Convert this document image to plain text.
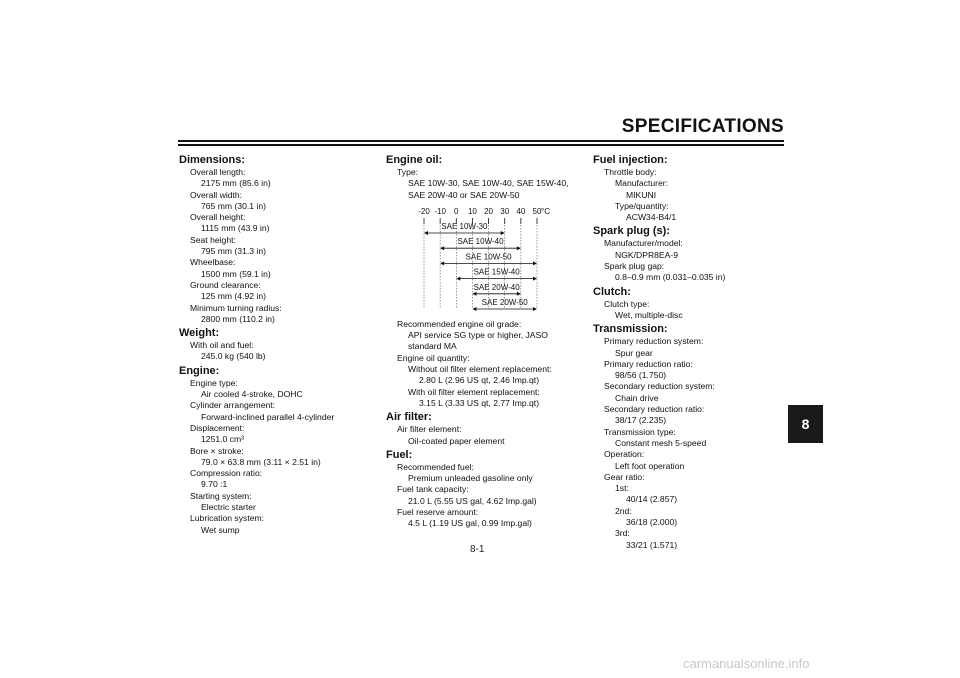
SPECIFICATIONS
Dimensions:
Overall length:
2175 mm (85.6 in)
Overall width:
765 mm (30.1 in)
Overall height:
1115 mm (43.9 in)
Seat height:
795 mm (31.3 in)
Wheelbase:
1500 mm (59.1 in)
Ground clearance:
125 mm (4.92 in)
Minimum turning radius:
2800 mm (110.2 in)
Weight:
With oil and fuel:
245.0 kg (540 lb)
Engine:
Engine type:
Air cooled 4-stroke, DOHC
Cylinder arrangement:
Forward-inclined parallel 4-cylinder
Displacement:
1251.0 cm³
Bore × stroke:
79.0 × 63.8 mm (3.11 × 2.51 in)
Compression ratio:
9.70 :1
Starting system:
Electric starter
Lubrication system:
Wet sump
Engine oil:
Type:
SAE 10W-30, SAE 10W-40, SAE 15W-40,
SAE 20W-40 or SAE 20W-50
-20 -10 0 10 20 30 40 50 °C
SAE 10W-30
SAE 10W-40
SAE 10W-50
SAE 15W-40
SAE 20W-40
SAE 20W-50
Recommended engine oil grade:
API service SG type or higher, JASO
standard MA
Engine oil quantity:
Without oil filter element replacement:
2.80 L (2.96 US qt, 2.46 Imp.qt)
With oil filter element replacement:
3.15 L (3.33 US qt, 2.77 Imp.qt)
Air filter:
Air filter element:
Oil-coated paper element
Fuel:
Recommended fuel:
Premium unleaded gasoline only
Fuel tank capacity:
21.0 L (5.55 US gal, 4.62 Imp.gal)
Fuel reserve amount:
4.5 L (1.19 US gal, 0.99 Imp.gal)
Fuel injection:
Throttle body:
Manufacturer:
MIKUNI
Type/quantity:
ACW34-B4/1
Spark plug (s):
Manufacturer/model:
NGK/DPR8EA-9
Spark plug gap:
0.8–0.9 mm (0.031–0.035 in)
Clutch:
Clutch type:
Wet, multiple-disc
Transmission:
Primary reduction system:
Spur gear
Primary reduction ratio:
98/56 (1.750)
Secondary reduction system:
Chain drive
Secondary reduction ratio:
38/17 (2.235)
Transmission type:
Constant mesh 5-speed
Operation:
Left foot operation
Gear ratio:
1st:
40/14 (2.857)
2nd:
36/18 (2.000)
3rd:
33/21 (1.571)
8
8-1
carmanualsonline.info
